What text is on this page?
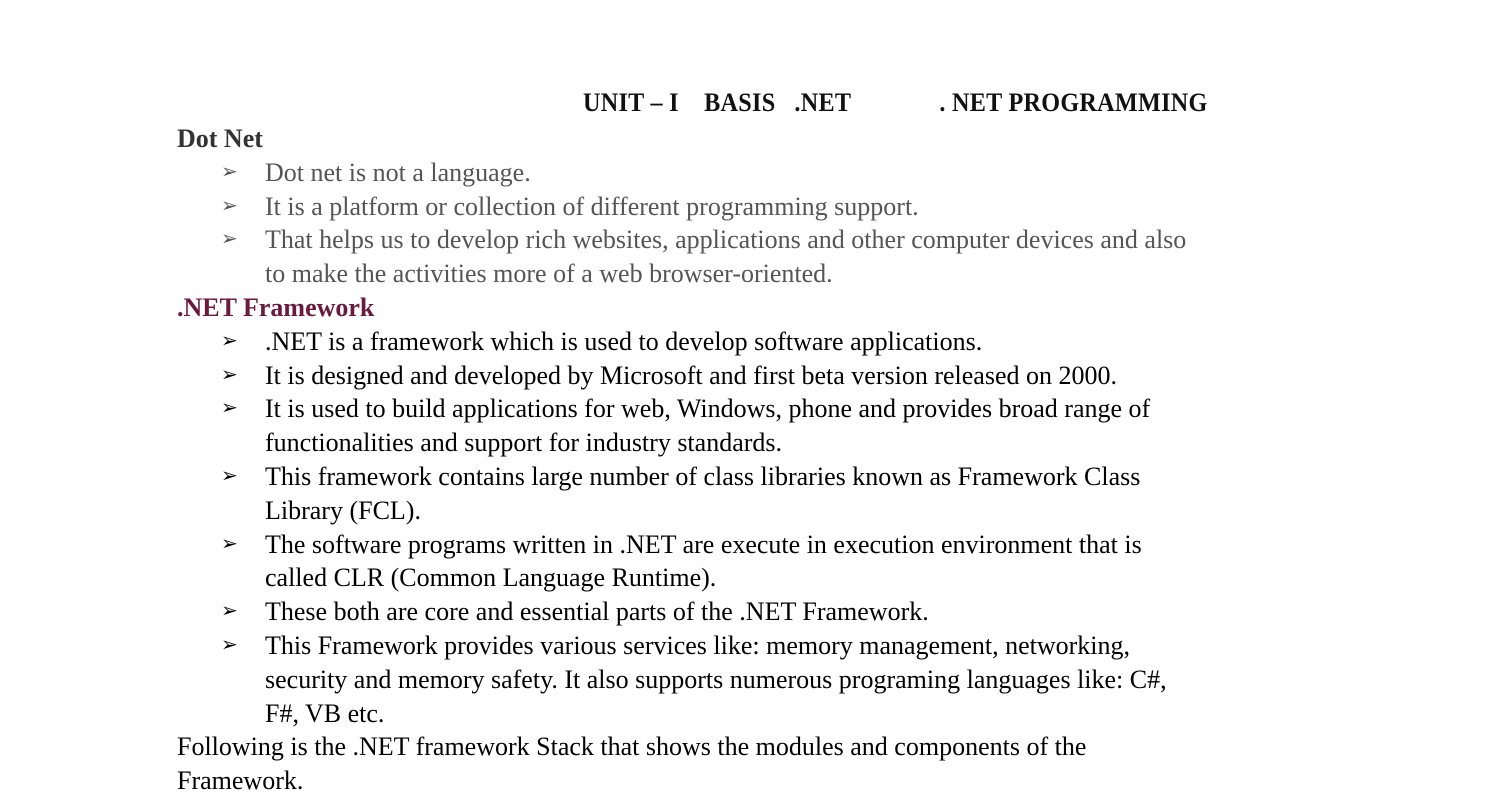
UNIT – I    BASIS   .NET              . NET PROGRAMMING
Dot Net
➢ Dot net is not a language.
➢ It is a platform or collection of different programming support.
➢ That helps us to develop rich websites, applications and other computer devices and also
to make the activities more of a web browser-oriented.
.NET Framework
➢ .NET is a framework which is used to develop software applications.
➢ It is designed and developed by Microsoft and first beta version released on 2000.
➢ It is used to build applications for web, Windows, phone and provides broad range of
functionalities and support for industry standards.
➢ This framework contains large number of class libraries known as Framework Class
Library (FCL).
➢ The software programs written in .NET are execute in execution environment that is
called CLR (Common Language Runtime).
➢ These both are core and essential parts of the .NET Framework.
➢ This Framework provides various services like: memory management, networking,
security and memory safety. It also supports numerous programing languages like: C#,
F#, VB etc.
Following is the .NET framework Stack that shows the modules and components of the
Framework.
